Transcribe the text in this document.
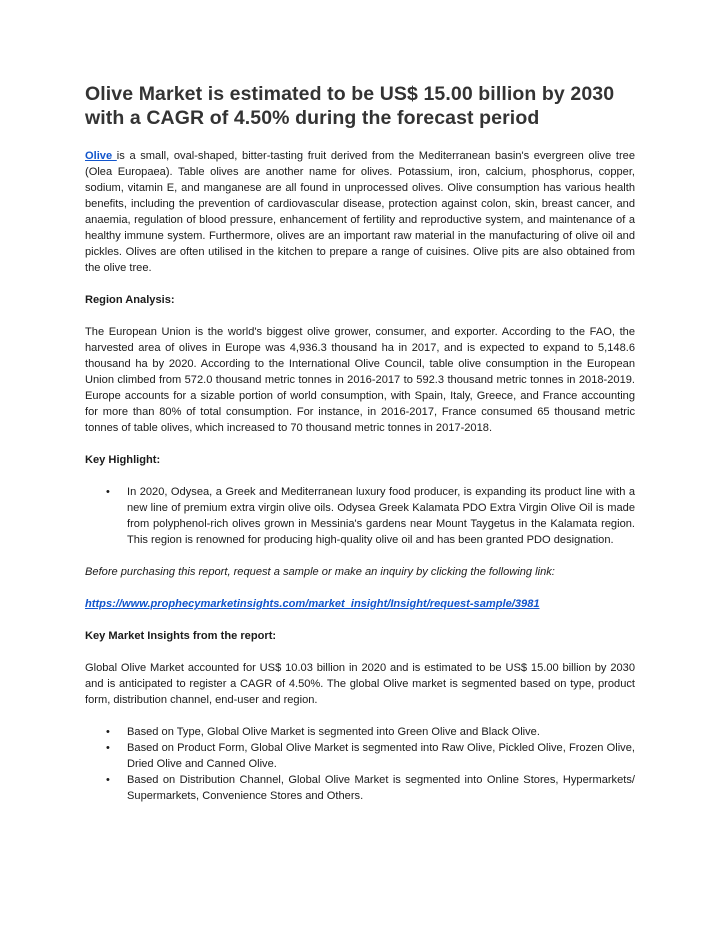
Olive Market is estimated to be US$ 15.00 billion by 2030 with a CAGR of 4.50% during the forecast period

Olive is a small, oval-shaped, bitter-tasting fruit derived from the Mediterranean basin's evergreen olive tree (Olea Europaea). Table olives are another name for olives. Potassium, iron, calcium, phosphorus, copper, sodium, vitamin E, and manganese are all found in unprocessed olives. Olive consumption has various health benefits, including the prevention of cardiovascular disease, protection against colon, skin, breast cancer, and anaemia, regulation of blood pressure, enhancement of fertility and reproductive system, and maintenance of a healthy immune system. Furthermore, olives are an important raw material in the manufacturing of olive oil and pickles. Olives are often utilised in the kitchen to prepare a range of cuisines. Olive pits are also obtained from the olive tree.

Region Analysis:

The European Union is the world's biggest olive grower, consumer, and exporter. According to the FAO, the harvested area of olives in Europe was 4,936.3 thousand ha in 2017, and is expected to expand to 5,148.6 thousand ha by 2020. According to the International Olive Council, table olive consumption in the European Union climbed from 572.0 thousand metric tonnes in 2016-2017 to 592.3 thousand metric tonnes in 2018-2019. Europe accounts for a sizable portion of world consumption, with Spain, Italy, Greece, and France accounting for more than 80% of total consumption. For instance, in 2016-2017, France consumed 65 thousand metric tonnes of table olives, which increased to 70 thousand metric tonnes in 2017-2018.

Key Highlight:

• In 2020, Odysea, a Greek and Mediterranean luxury food producer, is expanding its product line with a new line of premium extra virgin olive oils. Odysea Greek Kalamata PDO Extra Virgin Olive Oil is made from polyphenol-rich olives grown in Messinia's gardens near Mount Taygetus in the Kalamata region. This region is renowned for producing high-quality olive oil and has been granted PDO designation.

Before purchasing this report, request a sample or make an inquiry by clicking the following link:

https://www.prophecymarketinsights.com/market_insight/Insight/request-sample/3981

Key Market Insights from the report:

Global Olive Market accounted for US$ 10.03 billion in 2020 and is estimated to be US$ 15.00 billion by 2030 and is anticipated to register a CAGR of 4.50%. The global Olive market is segmented based on type, product form, distribution channel, end-user and region.

• Based on Type, Global Olive Market is segmented into Green Olive and Black Olive.
• Based on Product Form, Global Olive Market is segmented into Raw Olive, Pickled Olive, Frozen Olive, Dried Olive and Canned Olive.
• Based on Distribution Channel, Global Olive Market is segmented into Online Stores, Hypermarkets/ Supermarkets, Convenience Stores and Others.
